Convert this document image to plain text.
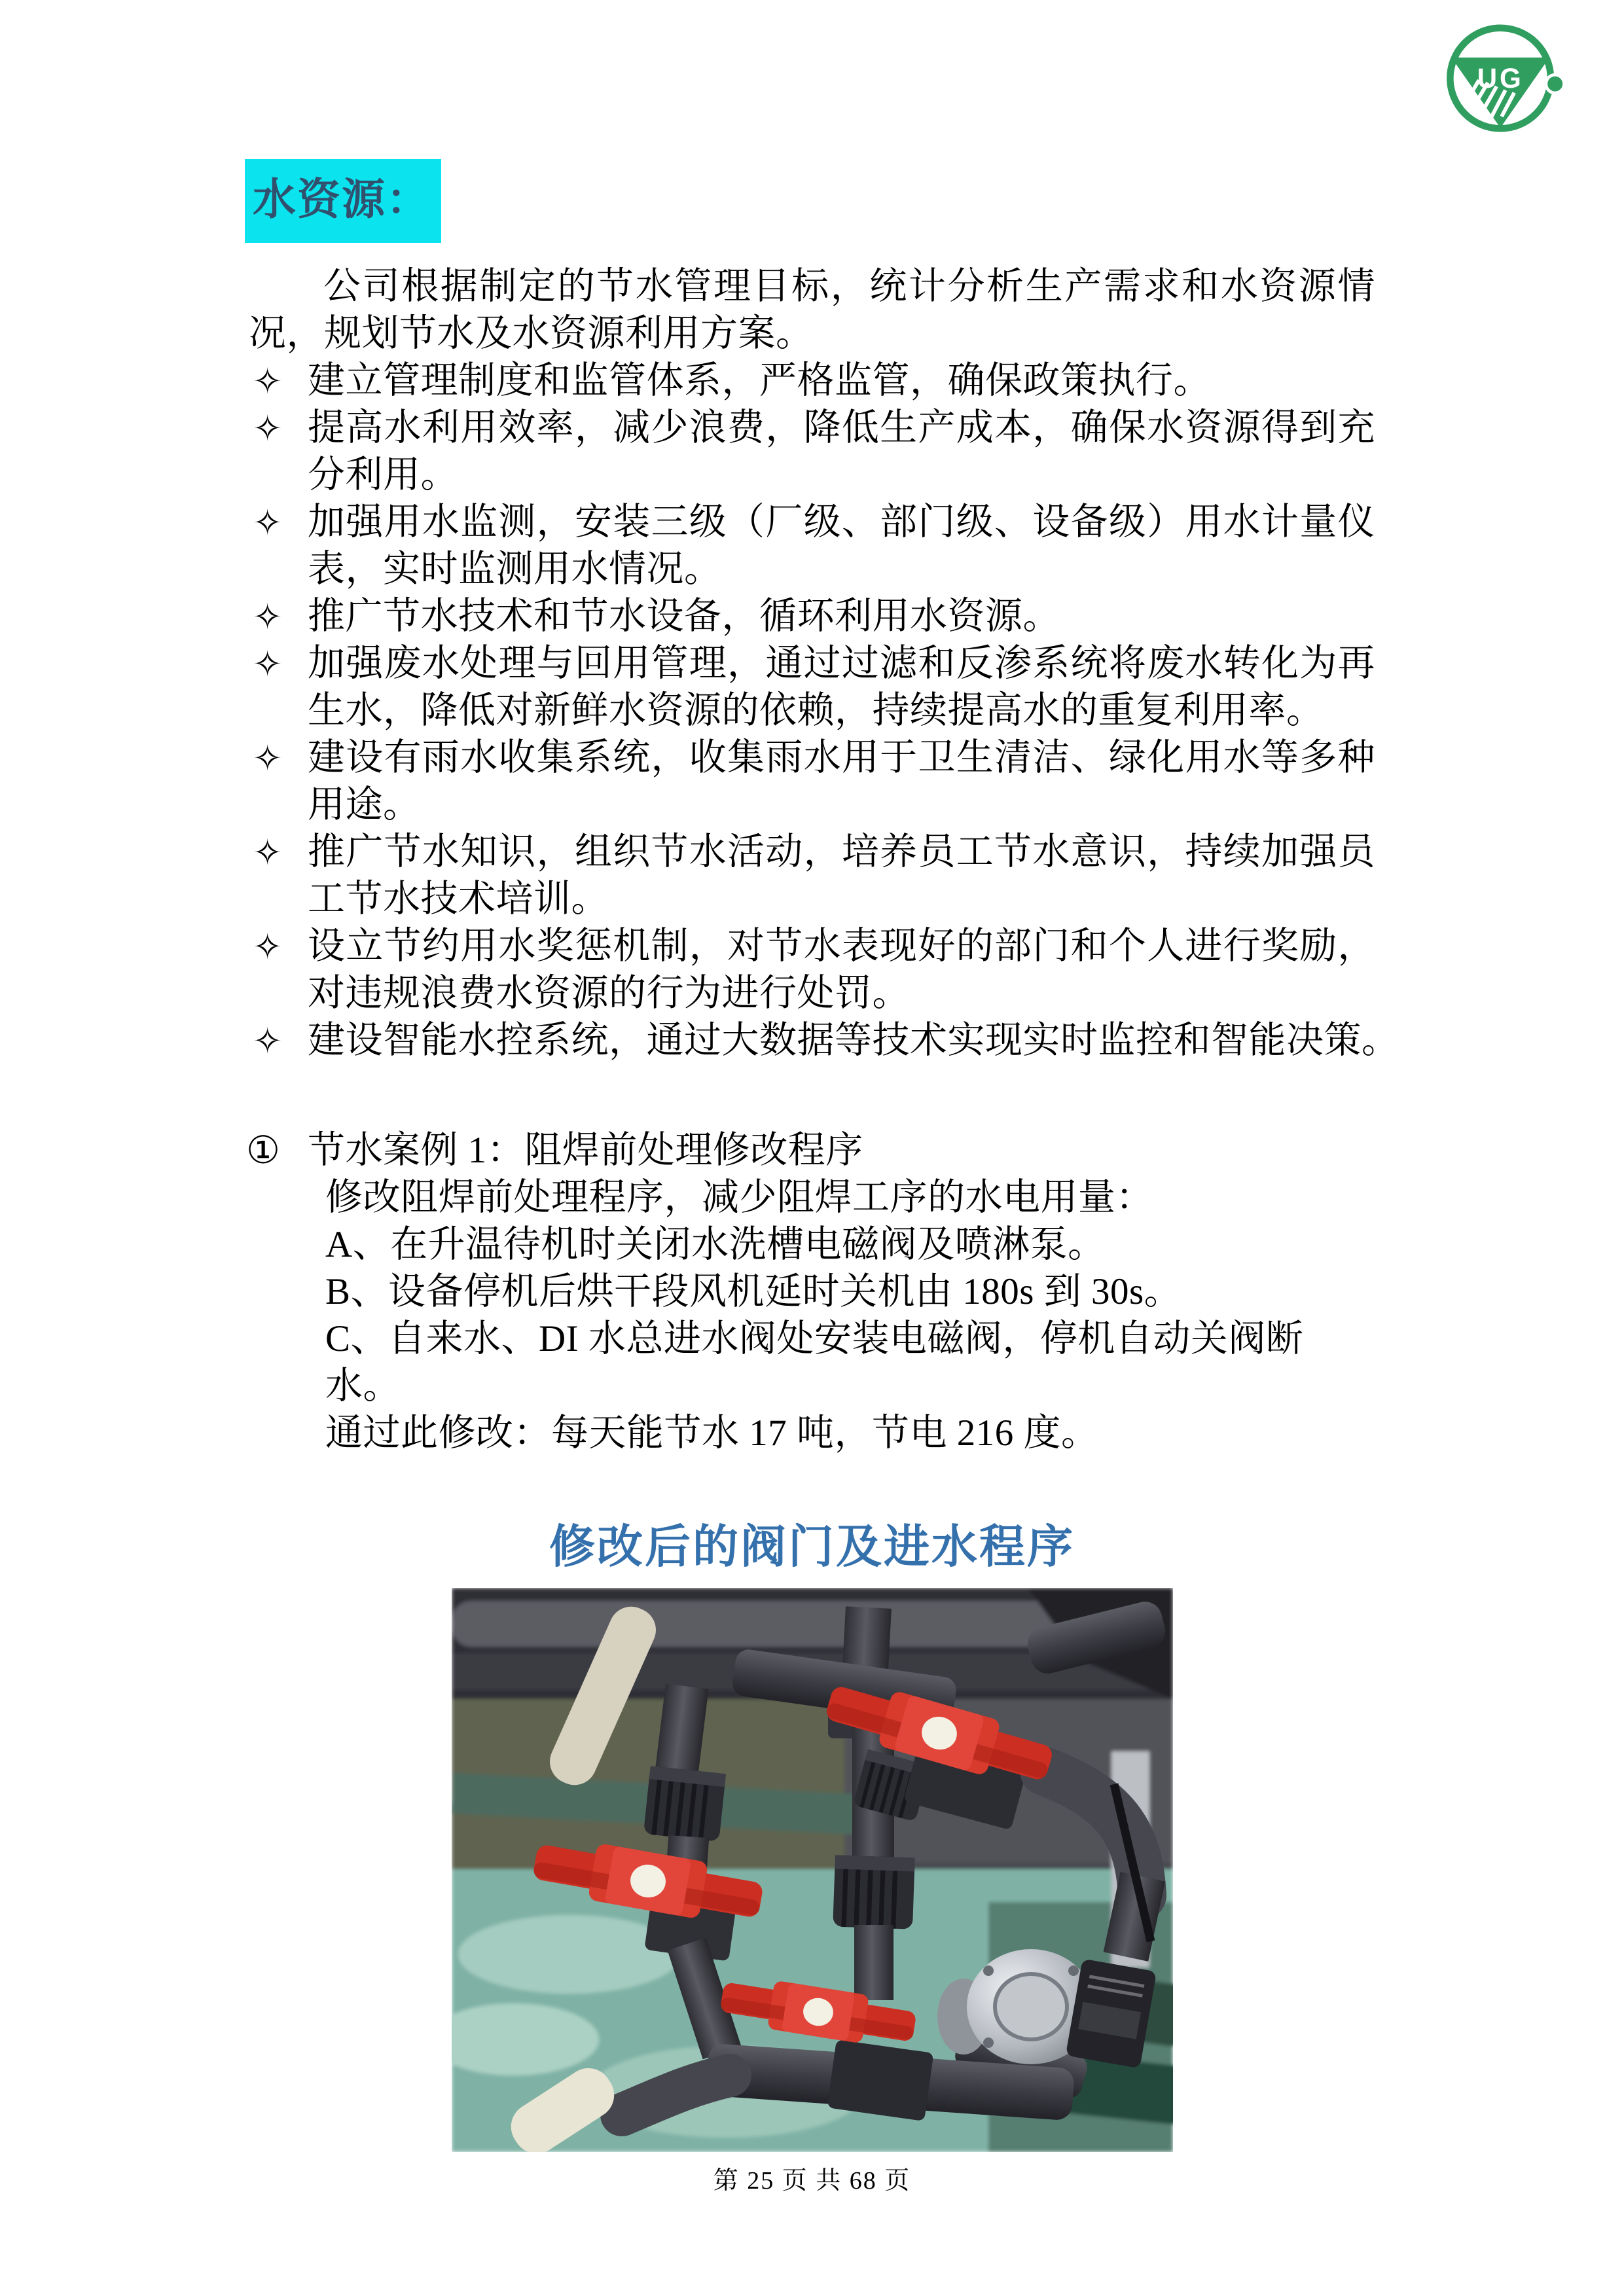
UG
水资源：

公司根据制定的节水管理目标，统计分析生产需求和水资源情况，规划节水及水资源利用方案。

✧ 建立管理制度和监管体系，严格监管，确保政策执行。
✧ 提高水利用效率，减少浪费，降低生产成本，确保水资源得到充分利用。
✧ 加强用水监测，安装三级（厂级、部门级、设备级）用水计量仪表，实时监测用水情况。
✧ 推广节水技术和节水设备，循环利用水资源。
✧ 加强废水处理与回用管理，通过过滤和反渗系统将废水转化为再生水，降低对新鲜水资源的依赖，持续提高水的重复利用率。
✧ 建设有雨水收集系统，收集雨水用于卫生清洁、绿化用水等多种用途。
✧ 推广节水知识，组织节水活动，培养员工节水意识，持续加强员工节水技术培训。
✧ 设立节约用水奖惩机制，对节水表现好的部门和个人进行奖励，对违规浪费水资源的行为进行处罚。
✧ 建设智能水控系统，通过大数据等技术实现实时监控和智能决策。
① 节水案例 1：阻焊前处理修改程序
修改阻焊前处理程序，减少阻焊工序的水电用量：
A、在升温待机时关闭水洗槽电磁阀及喷淋泵。
B、设备停机后烘干段风机延时关机由 180s 到 30s。
C、自来水、DI 水总进水阀处安装电磁阀，停机自动关阀断水。
通过此修改：每天能节水 17 吨，节电 216 度。
修改后的阀门及进水程序
第 25 页 共 68 页
